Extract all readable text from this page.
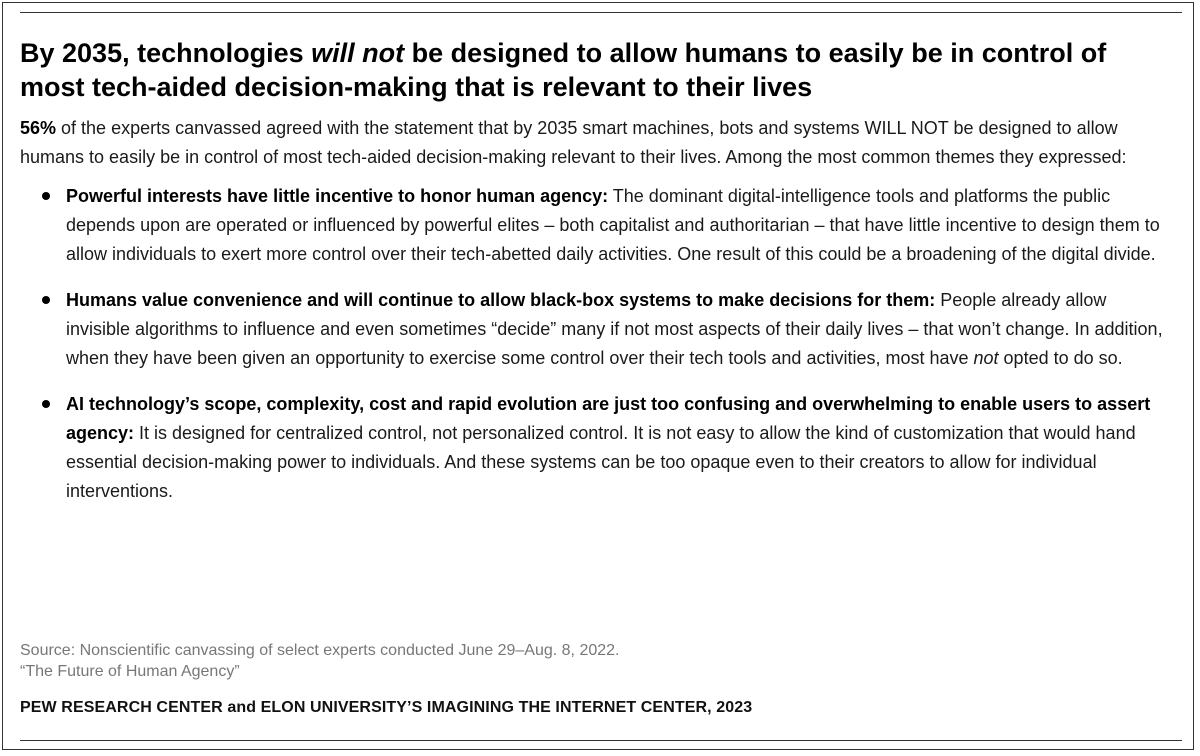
By 2035, technologies will not be designed to allow humans to easily be in control of most tech-aided decision-making that is relevant to their lives

56% of the experts canvassed agreed with the statement that by 2035 smart machines, bots and systems WILL NOT be designed to allow humans to easily be in control of most tech-aided decision-making relevant to their lives. Among the most common themes they expressed:

Powerful interests have little incentive to honor human agency: The dominant digital-intelligence tools and platforms the public depends upon are operated or influenced by powerful elites – both capitalist and authoritarian – that have little incentive to design them to allow individuals to exert more control over their tech-abetted daily activities. One result of this could be a broadening of the digital divide.
Humans value convenience and will continue to allow black-box systems to make decisions for them: People already allow invisible algorithms to influence and even sometimes “decide” many if not most aspects of their daily lives – that won’t change. In addition, when they have been given an opportunity to exercise some control over their tech tools and activities, most have not opted to do so.
AI technology’s scope, complexity, cost and rapid evolution are just too confusing and overwhelming to enable users to assert agency: It is designed for centralized control, not personalized control. It is not easy to allow the kind of customization that would hand essential decision-making power to individuals. And these systems can be too opaque even to their creators to allow for individual interventions.
Source: Nonscientific canvassing of select experts conducted June 29–Aug. 8, 2022.
“The Future of Human Agency”
PEW RESEARCH CENTER and ELON UNIVERSITY’S IMAGINING THE INTERNET CENTER, 2023
